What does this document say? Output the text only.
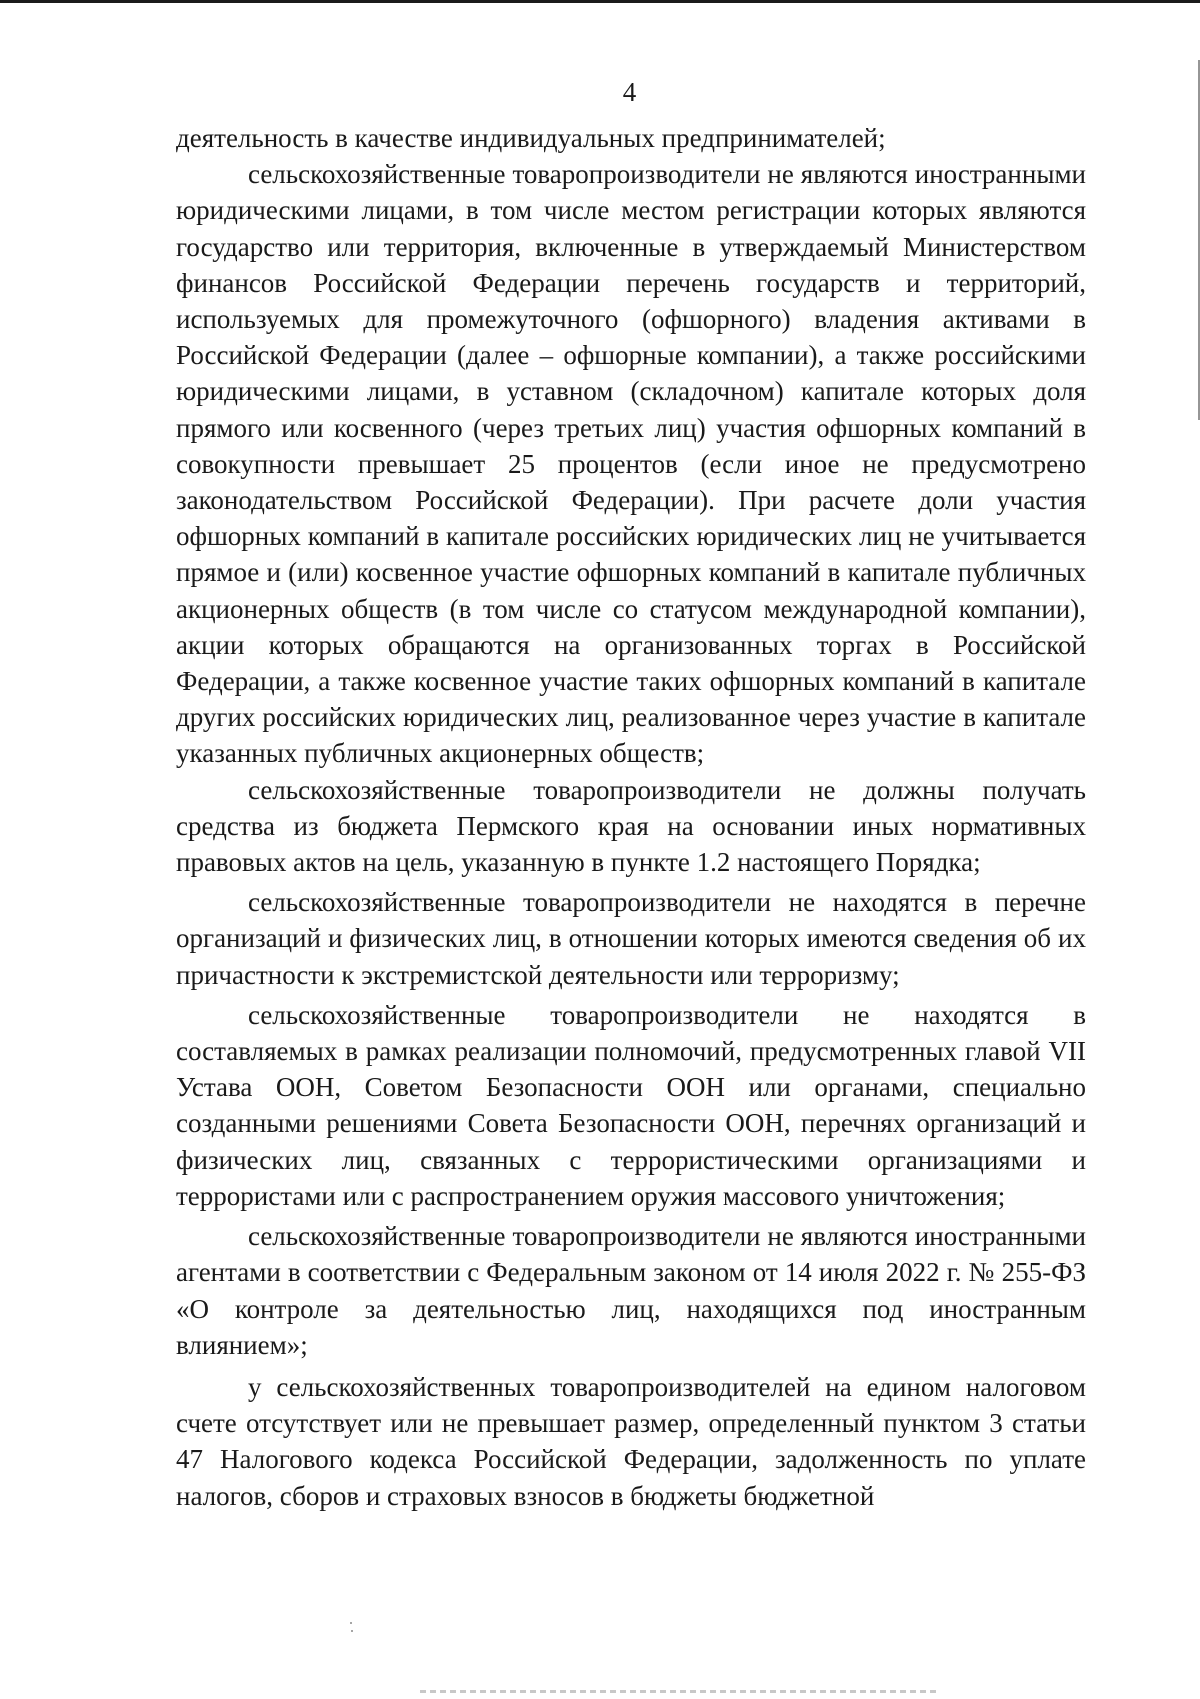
4

деятельность в качестве индивидуальных предпринимателей;

сельскохозяйственные товаропроизводители не являются иностранными юридическими лицами, в том числе местом регистрации которых являются государство или территория, включенные в утверждаемый Министерством финансов Российской Федерации перечень государств и территорий, используемых для промежуточного (офшорного) владения активами в Российской Федерации (далее – офшорные компании), а также российскими юридическими лицами, в уставном (складочном) капитале которых доля прямого или косвенного (через третьих лиц) участия офшорных компаний в совокупности превышает 25 процентов (если иное не предусмотрено законодательством Российской Федерации). При расчете доли участия офшорных компаний в капитале российских юридических лиц не учитывается прямое и (или) косвенное участие офшорных компаний в капитале публичных акционерных обществ (в том числе со статусом международной компании), акции которых обращаются на организованных торгах в Российской Федерации, а также косвенное участие таких офшорных компаний в капитале других российских юридических лиц, реализованное через участие в капитале указанных публичных акционерных обществ;

сельскохозяйственные товаропроизводители не должны получать средства из бюджета Пермского края на основании иных нормативных правовых актов на цель, указанную в пункте 1.2 настоящего Порядка;

сельскохозяйственные товаропроизводители не находятся в перечне организаций и физических лиц, в отношении которых имеются сведения об их причастности к экстремистской деятельности или терроризму;

сельскохозяйственные товаропроизводители не находятся в составляемых в рамках реализации полномочий, предусмотренных главой VII Устава ООН, Советом Безопасности ООН или органами, специально созданными решениями Совета Безопасности ООН, перечнях организаций и физических лиц, связанных с террористическими организациями и террористами или с распространением оружия массового уничтожения;

сельскохозяйственные товаропроизводители не являются иностранными агентами в соответствии с Федеральным законом от 14 июля 2022 г. № 255-ФЗ «О контроле за деятельностью лиц, находящихся под иностранным влиянием»;

у сельскохозяйственных товаропроизводителей на едином налоговом счете отсутствует или не превышает размер, определенный пунктом 3 статьи 47 Налогового кодекса Российской Федерации, задолженность по уплате налогов, сборов и страховых взносов в бюджеты бюджетной
